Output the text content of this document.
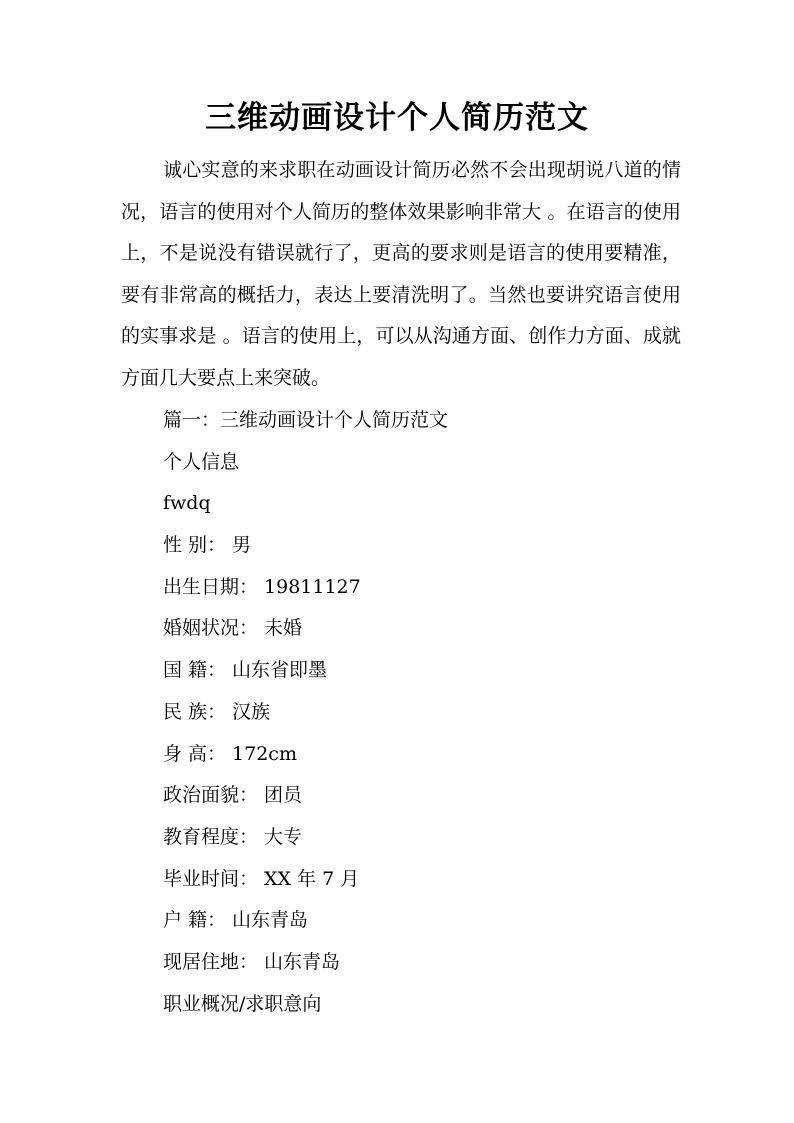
三维动画设计个人简历范文

诚心实意的来求职在动画设计简历必然不会出现胡说八道的情况，语言的使用对个人简历的整体效果影响非常大 。在语言的使用上，不是说没有错误就行了，更高的要求则是语言的使用要精准，要有非常高的概括力，表达上要清洗明了。当然也要讲究语言使用的实事求是 。语言的使用上，可以从沟通方面、创作力方面、成就方面几大要点上来突破。

篇一：三维动画设计个人简历范文
个人信息
fwdq
性 别： 男
出生日期： 19811127
婚姻状况： 未婚
国 籍： 山东省即墨
民 族： 汉族
身 高： 172cm
政治面貌： 团员
教育程度： 大专
毕业时间： XX 年 7 月
户 籍： 山东青岛
现居住地： 山东青岛
职业概况/求职意向
